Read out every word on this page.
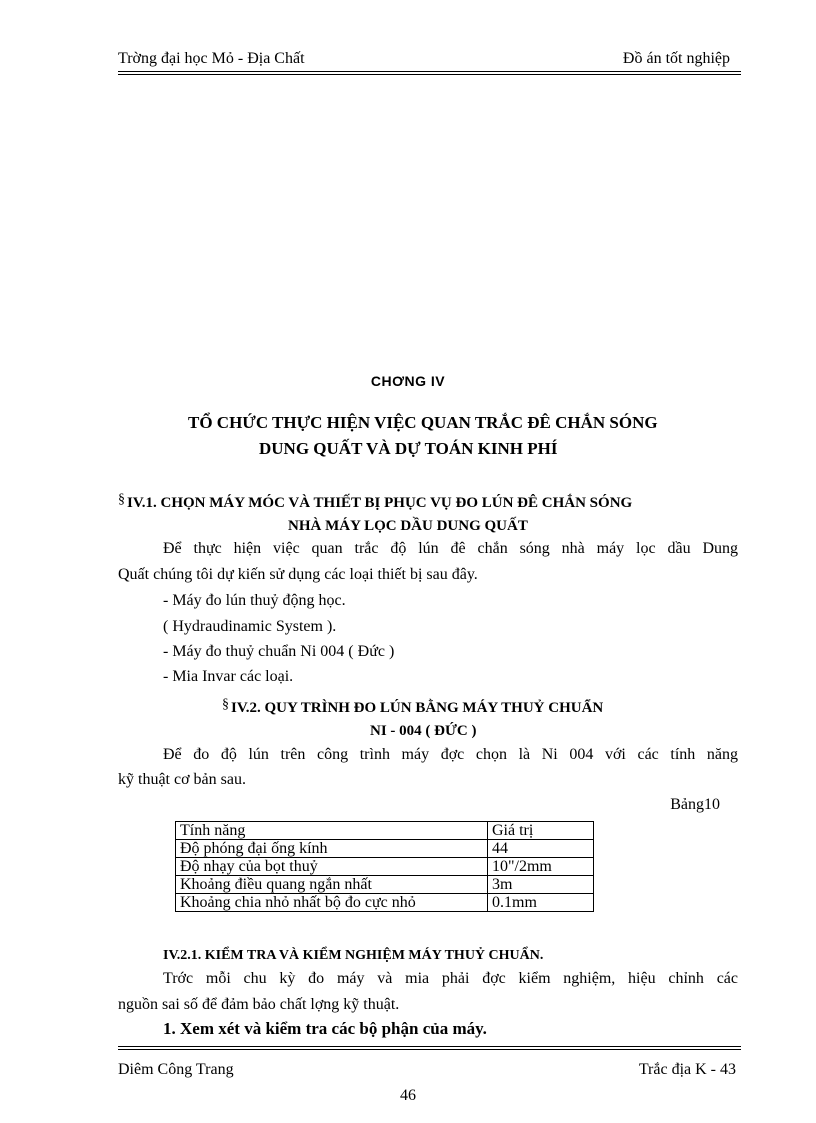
Trờng đại học Mỏ - Địa Chất	Đồ án tốt nghiệp
CHƠNG IV
TỔ CHỨC THỰC HIỆN VIỆC QUAN TRẮC ĐÊ CHẮN SÓNG
DUNG QUẤT VÀ DỰ TOÁN KINH PHÍ
§ IV.1. CHỌN MÁY MÓC VÀ THIẾT BỊ PHỤC VỤ ĐO LÚN ĐÊ CHẮN SÓNG
NHÀ MÁY LỌC DẦU DUNG QUẤT
Để thực hiện việc quan trắc độ lún đê chắn sóng nhà máy lọc dầu Dung
Quất chúng tôi dự kiến sử dụng các loại thiết bị sau đây.
- Máy đo lún thuỷ động học.
( Hydraudinamic System ).
- Máy đo thuỷ chuẩn Ni 004 ( Đức )
- Mia Invar các loại.
§ IV.2. QUY TRÌNH ĐO LÚN BẰNG MÁY THUỶ CHUẨN
NI - 004 ( ĐỨC )
Để đo độ lún trên công trình máy đợc chọn là Ni 004 với các tính năng
kỹ thuật cơ bản sau.
Bảng10
Tính năng	Giá trị
Độ phóng đại ống kính	44
Độ nhạy của bọt thuỷ	10"/2mm
Khoảng điều quang ngắn nhất	3m
Khoảng chia nhỏ nhất bộ đo cực nhỏ	0.1mm
IV.2.1. KIỂM TRA VÀ KIỂM NGHIỆM MÁY THUỶ CHUẨN.
Trớc mỗi chu kỳ đo máy và mia phải đợc kiểm nghiệm, hiệu chỉnh các
nguồn sai số để đảm bảo chất lợng kỹ thuật.
1. Xem xét và kiểm tra các bộ phận của máy.
Diêm Công Trang	Trắc địa K - 43
46
